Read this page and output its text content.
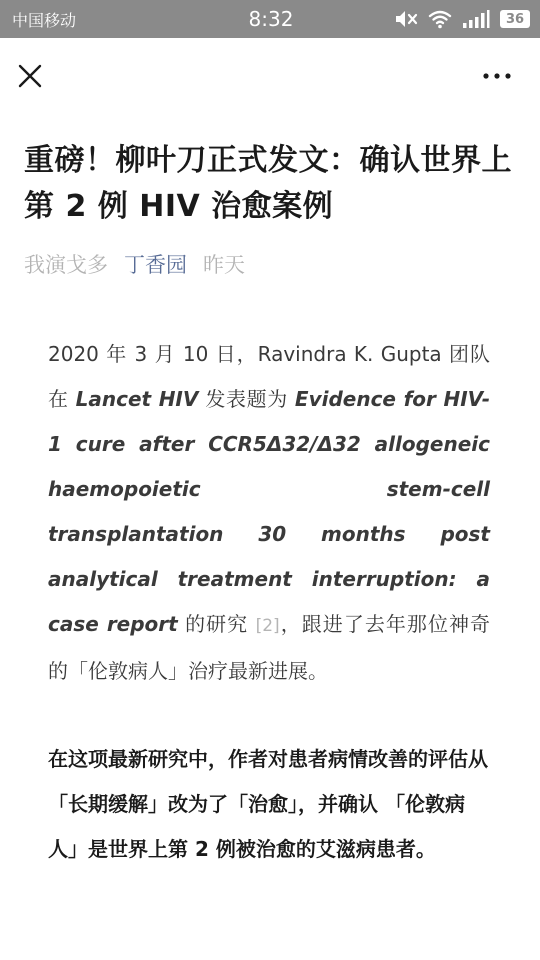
中国移动	8:32	36
重磅！柳叶刀正式发文：确认世界上第 2 例 HIV 治愈案例
我演戈多 丁香园 昨天

2020 年 3 月 10 日，Ravindra K. Gupta 团队在 Lancet HIV 发表题为 Evidence for HIV-1 cure after CCR5Δ32/Δ32 allogeneic haemopoietic stem-cell transplantation 30 months post analytical treatment interruption: a case report 的研究 [2]，跟进了去年那位神奇的「伦敦病人」治疗最新进展。

在这项最新研究中，作者对患者病情改善的评估从「长期缓解」改为了「治愈」，并确认 「伦敦病人」是世界上第 2 例被治愈的艾滋病患者。
